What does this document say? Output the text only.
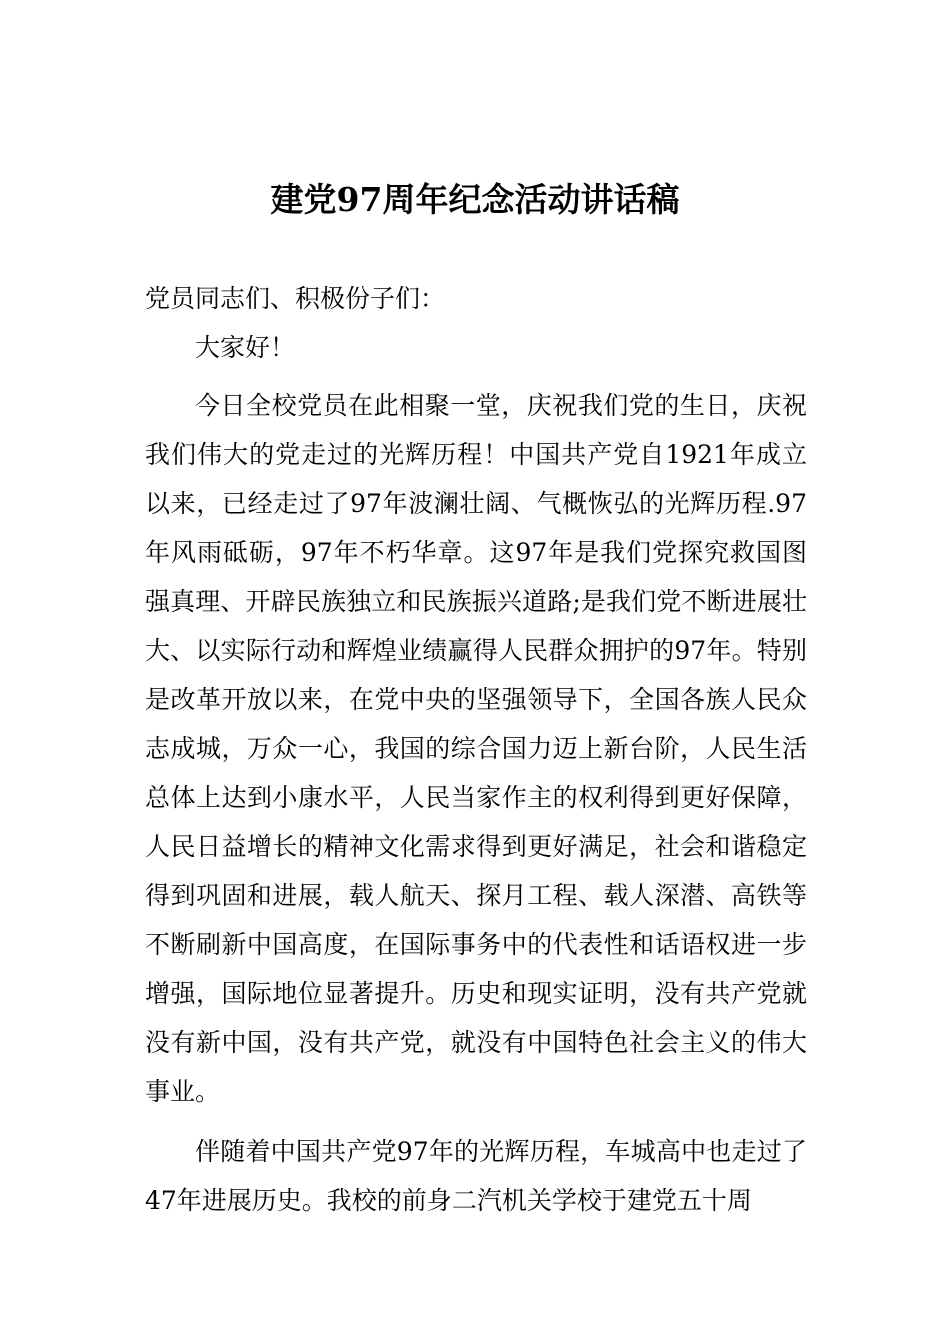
建党97周年纪念活动讲话稿

党员同志们、积极份子们：

大家好！

今日全校党员在此相聚一堂，庆祝我们党的生日，庆祝我们伟大的党走过的光辉历程！中国共产党自1921年成立以来，已经走过了97年波澜壮阔、气概恢弘的光辉历程.97年风雨砥砺，97年不朽华章。这97年是我们党探究救国图强真理、开辟民族独立和民族振兴道路;是我们党不断进展壮大、以实际行动和辉煌业绩赢得人民群众拥护的97年。特别是改革开放以来，在党中央的坚强领导下，全国各族人民众志成城，万众一心，我国的综合国力迈上新台阶，人民生活总体上达到小康水平，人民当家作主的权利得到更好保障，人民日益增长的精神文化需求得到更好满足，社会和谐稳定得到巩固和进展，载人航天、探月工程、载人深潜、高铁等不断刷新中国高度，在国际事务中的代表性和话语权进一步增强，国际地位显著提升。历史和现实证明，没有共产党就没有新中国，没有共产党，就没有中国特色社会主义的伟大事业。

伴随着中国共产党97年的光辉历程，车城高中也走过了47年进展历史。我校的前身二汽机关学校于建党五十周
